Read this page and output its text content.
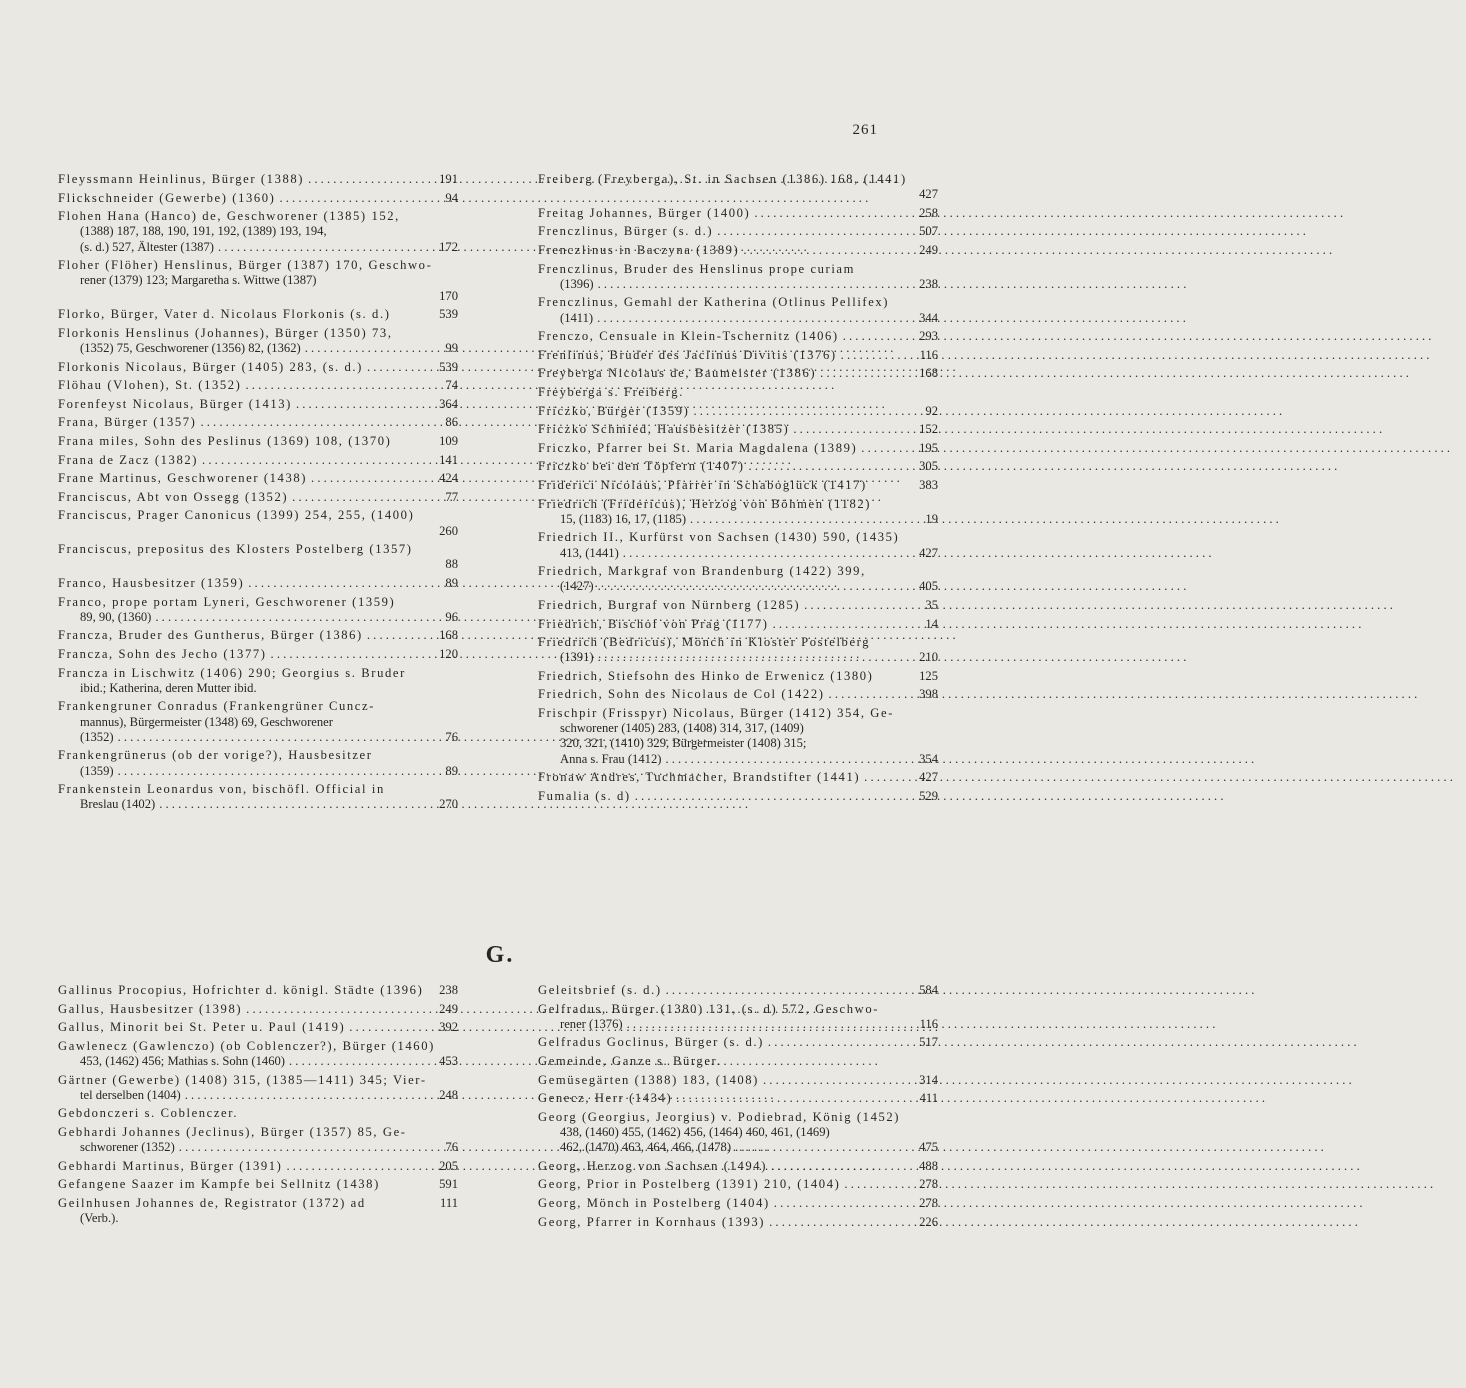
261
Fleyssmann Heinlinus, Bürger (1388) . . .	191
Flickschneider (Gewerbe) (1360) . . .	94
Flohen Hana (Hanco) de, Geschworener (1385) 152,
(1388) 187, 188, 190, 191, 192, (1389) 193, 194,
(s. d.) 527, Ältester (1387) . . .	172
Floher (Flöher) Henslinus, Bürger (1387) 170, Geschwo-
rener (1379) 123; Margaretha s. Wittwe (1387)
170
Florko, Bürger, Vater d. Nicolaus Florkonis (s. d.)	539
Florkonis Henslinus (Johannes), Bürger (1350) 73,
(1352) 75, Geschworener (1356) 82, (1362) . . .	99
Florkonis Nicolaus, Bürger (1405) 283, (s. d.) . . .	539
Flöhau (Vlohen), St. (1352) . . .	74
Forenfeyst Nicolaus, Bürger (1413) . . .	364
Frana, Bürger (1357) . . .	86
Frana miles, Sohn des Peslinus (1369) 108, (1370)	109
Frana de Zacz (1382) . . .	141
Frane Martinus, Geschworener (1438) . . .	424
Franciscus, Abt von Ossegg (1352) . . .	77
Franciscus, Prager Canonicus (1399) 254, 255, (1400)
260
Franciscus, prepositus des Klosters Postelberg (1357)
88
Franco, Hausbesitzer (1359) . . .	89
Franco, prope portam Lyneri, Geschworener (1359)
89, 90, (1360) . . .	96
Francza, Bruder des Guntherus, Bürger (1386) . . .	168
Francza, Sohn des Jecho (1377) . . .	120
Francza in Lischwitz (1406) 290; Georgius s. Bruder
ibid.; Katherina, deren Mutter ibid.
Frankengruner Conradus (Frankengrüner Cuncz-
mannus), Bürgermeister (1348) 69, Geschworener
(1352) . . .	76
Frankengrünerus (ob der vorige?), Hausbesitzer
(1359) . . .	89
Frankenstein Leonardus von, bischöfl. Official in
Breslau (1402) . . .	270
Freiberg (Freyberga), St. in Sachsen (1386) 168, (1441)
427
Freitag Johannes, Bürger (1400) . . .	258
Frenczlinus, Bürger (s. d.) . . .	507
Frenczlinus in Baczyna (1389) . . .	249
Frenczlinus, Bruder des Henslinus prope curiam
(1396) . . .	238
Frenczlinus, Gemahl der Katherina (Otlinus Pellifex)
(1411) . . .	344
Frenczo, Censuale in Klein-Tschernitz (1406) . . .	293
Frenlinus, Bruder des Jaclinus Divitis (1376) . . .	116
Freyberga Nicolaus de, Baumeister (1386) . . .	168
Freyberga s. Freiberg.
Friczko, Bürger (1359) . . .	92
Friczko Schmied, Hausbesitzer (1385) . . .	152
Friczko, Pfarrer bei St. Maria Magdalena (1389) . . .	195
Friczko bei den Töpfern (1407) . . .	305
Friderici Nicolaus, Pfarrer in Schaboglück (1417)	383
Friedrich (Fridericus), Herzog von Böhmen (1182)
15, (1183) 16, 17, (1185) . . .	19
Friedrich II., Kurfürst von Sachsen (1430) 590, (1435)
413, (1441) . . .	427
Friedrich, Markgraf von Brandenburg (1422) 399,
(1427) . . .	405
Friedrich, Burgraf von Nürnberg (1285) . . .	35
Friedrich, Bischof von Prag (1177) . . .	14
Friedrich (Bedricus), Mönch in Kloster Postelberg
(1391) . . .	210
Friedrich, Stiefsohn des Hinko de Erwenicz (1380)	125
Friedrich, Sohn des Nicolaus de Col (1422) . . .	398
Frischpir (Frisspyr) Nicolaus, Bürger (1412) 354, Ge-
schworener (1405) 283, (1408) 314, 317, (1409)
320, 321, (1410) 329, Bürgermeister (1408) 315;
Anna s. Frau (1412) . . .	354
Fronaw Andres, Tuchmacher, Brandstifter (1441) . . .	427
Fumalia (s. d) . . .	529
G.
Gallinus Procopius, Hofrichter d. königl. Städte (1396) 238
Gallus, Hausbesitzer (1398) . . .	249
Gallus, Minorit bei St. Peter u. Paul (1419) . . .	392
Gawlenecz (Gawlenczo) (ob Coblenczer?), Bürger (1460)
453, (1462) 456; Mathias s. Sohn (1460) . . .	453
Gärtner (Gewerbe) (1408) 315, (1385—1411) 345; Vier-
tel derselben (1404) . . .	248
Gebdonczeri s. Coblenczer.
Gebhardi Johannes (Jeclinus), Bürger (1357) 85, Ge-
schworener (1352) . . .	76
Gebhardi Martinus, Bürger (1391) . . .	205
Gefangene Saazer im Kampfe bei Sellnitz (1438)	591
Geilnhusen Johannes de, Registrator (1372) ad	111
(Verb.).
Geleitsbrief (s. d.) . . .	584
Gelfradus, Bürger (1380) 131, (s. d) 572, Geschwo-
rener (1376) . . .	116
Gelfradus Goclinus, Bürger (s. d.) . . .	517
Gemeinde, Ganze s. Bürger.
Gemüsegärten (1388) 183, (1408) . . .	314
Genecz, Herr (1434) . . .	411
Georg (Georgius, Jeorgius) v. Podiebrad, König (1452)
438, (1460) 455, (1462) 456, (1464) 460, 461, (1469)
462, (1470) 463, 464, 466, (1478) . . .	475
Georg, Herzog von Sachsen (1494) . . .	488
Georg, Prior in Postelberg (1391) 210, (1404) . . .	278
Georg, Mönch in Postelberg (1404) . . .	278
Georg, Pfarrer in Kornhaus (1393) . . .	226
